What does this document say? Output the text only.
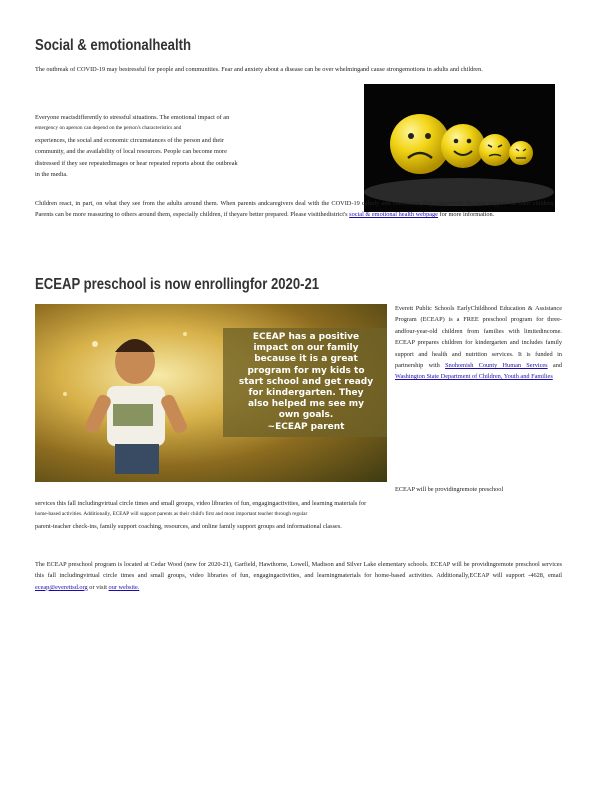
Social & emotionalhealth
The outbreak of COVID-19 may bestressful for people and communities. Fear and anxiety about a disease can be over whelmingand cause strongemotions in adults and children.
Everyone reactsdifferently to stressful situations. The emotional impact of an
emergency on aperson can depend on the person's characteristics and
experiences, the social and economic circumstances of the person and their
community, and the availability of local resources. People can become more
distressed if they see repeatedimages or hear repeated reports about the outbreak
in the media.
Children react, in part, on what they see from the adults around them. When parents andcaregivers deal with the COVID-19 calmly and confidently,they canprovide the best support for their children. Parents can be more reassuring to others around them, especially children, if theyare better prepared. Please visitthedistrict's social & emotional health webpage for more information.
ECEAP preschool is now enrollingfor 2020-21
ECEAP has a positive
impact on our family
because it is a great
program for my kids to
start school and get ready
for kindergarten. They
also helped me see my
own goals.
~ECEAP parent
Everett Public Schools EarlyChildhood Education & Assistance Program (ECEAP) is a FREE preschool program for three-andfour-year-old children from families with limitedincome. ECEAP prepares children for kindergarten and includes family support and health and nutrition services. It is funded in partnership with Snohomish County Human Services and Washington State Department of Children, Youth and Families
ECEAP will be providingremote preschool
services this fall includingvirtual circle times and small groups, video libraries of fun, engagingactivities, and learning materials for
home-based activities. Additionally, ECEAP will support parents as their child's first and most important teacher through regular
parent-teacher check-ins, family support coaching, resources, and online family support groups and informational classes.
The ECEAP preschool program is located at Cedar Wood (new for 2020-21), Garfield, Hawthorne, Lowell, Madison and Silver Lake elementary schools. ECEAP will be providingremote preschool services this fall includingvirtual circle times and small groups, video libraries of fun, engagingactivities, and learningmaterials for home-based activities. Additionally,ECEAP will support -4628, email eceap@everettsd.org or visit our website.
